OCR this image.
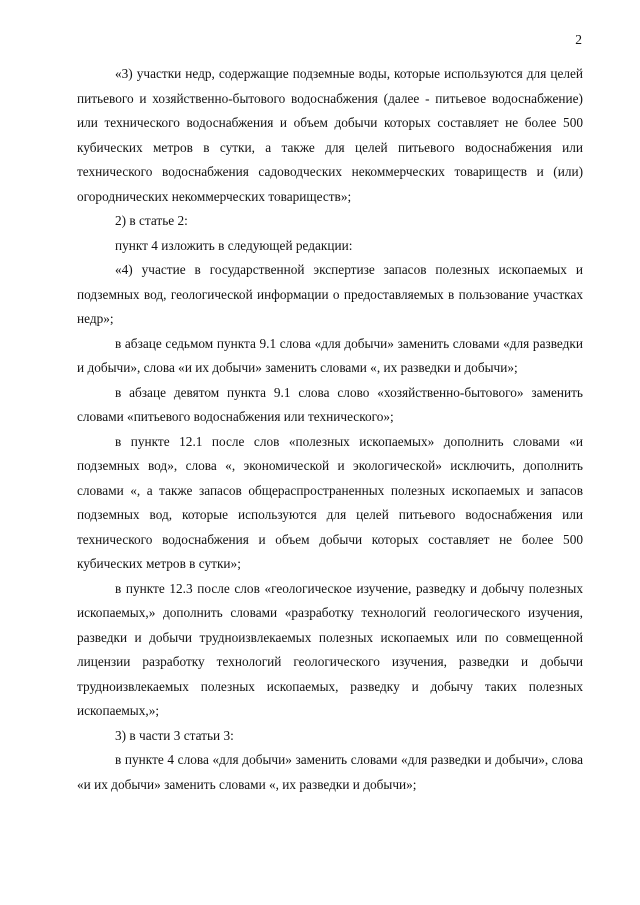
2

«3) участки недр, содержащие подземные воды, которые используются для целей питьевого и хозяйственно-бытового водоснабжения (далее - питьевое водоснабжение) или технического водоснабжения и объем добычи которых составляет не более 500 кубических метров в сутки, а также для целей питьевого водоснабжения или технического водоснабжения садоводческих некоммерческих товариществ и (или) огороднических некоммерческих товариществ»;

2) в статье 2:

пункт 4 изложить в следующей редакции:

«4) участие в государственной экспертизе запасов полезных ископаемых и подземных вод, геологической информации о предоставляемых в пользование участках недр»;

в абзаце седьмом пункта 9.1 слова «для добычи» заменить словами «для разведки и добычи», слова «и их добычи» заменить словами «, их разведки и добычи»;

в абзаце девятом пункта 9.1 слова слово «хозяйственно-бытового» заменить словами «питьевого водоснабжения или технического»;

в пункте 12.1 после слов «полезных ископаемых» дополнить словами «и подземных вод», слова «, экономической и экологической» исключить, дополнить словами «, а также запасов общераспространенных полезных ископаемых и запасов подземных вод, которые используются для целей питьевого водоснабжения или технического водоснабжения и объем добычи которых составляет не более 500 кубических метров в сутки»;

в пункте 12.3 после слов «геологическое изучение, разведку и добычу полезных ископаемых,» дополнить словами «разработку технологий геологического изучения, разведки и добычи трудноизвлекаемых полезных ископаемых или по совмещенной лицензии разработку технологий геологического изучения, разведки и добычи трудноизвлекаемых полезных ископаемых, разведку и добычу таких полезных ископаемых,»;

3) в части 3 статьи 3:

в пункте 4 слова «для добычи» заменить словами «для разведки и добычи», слова «и их добычи» заменить словами «, их разведки и добычи»;
